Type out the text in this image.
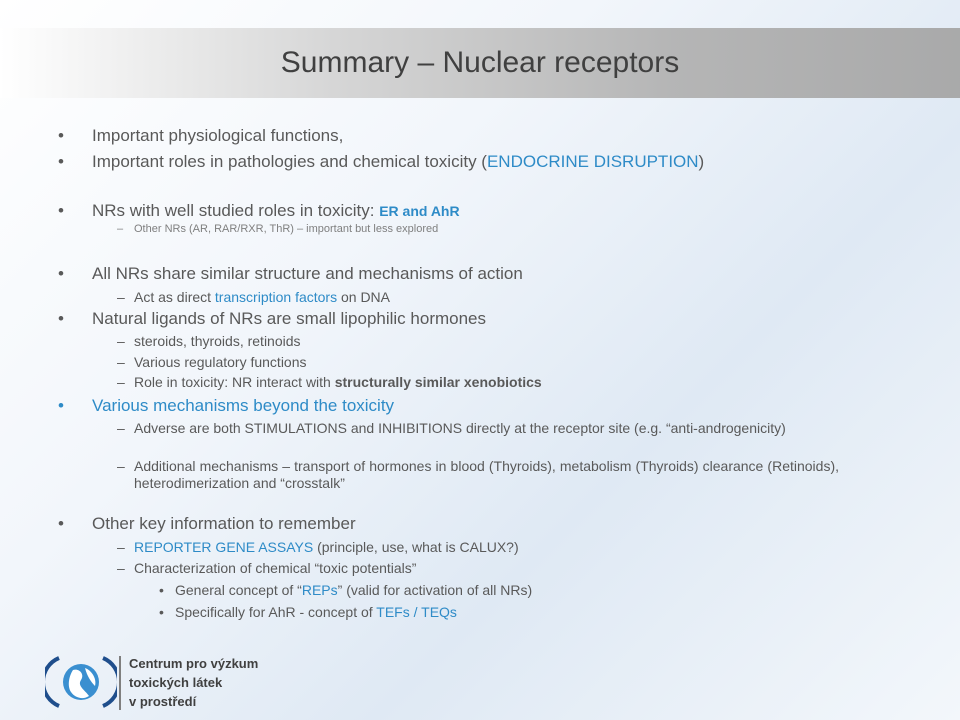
Summary – Nuclear receptors
• Important physiological functions,
• Important roles in pathologies and chemical toxicity (ENDOCRINE DISRUPTION)
• NRs with well studied roles in toxicity: ER and AhR
– Other NRs (AR, RAR/RXR, ThR) – important but less explored
• All NRs share similar structure and mechanisms of action
– Act as direct transcription factors on DNA
• Natural ligands of NRs are small lipophilic hormones
– steroids, thyroids, retinoids
– Various regulatory functions
– Role in toxicity: NR interact with structurally similar xenobiotics
• Various mechanisms beyond the toxicity
– Adverse are both STIMULATIONS and INHIBITIONS directly at the receptor site (e.g. “anti-androgenicity)
– Additional mechanisms – transport of hormones in blood (Thyroids), metabolism (Thyroids) clearance (Retinoids), heterodimerization and “crosstalk”
• Other key information to remember
– REPORTER GENE ASSAYS (principle, use, what is CALUX?)
– Characterization of chemical “toxic potentials”
• General concept of “REPs” (valid for activation of all NRs)
• Specifically for AhR - concept of TEFs / TEQs
Centrum pro výzkum
toxických látek
v prostředí
